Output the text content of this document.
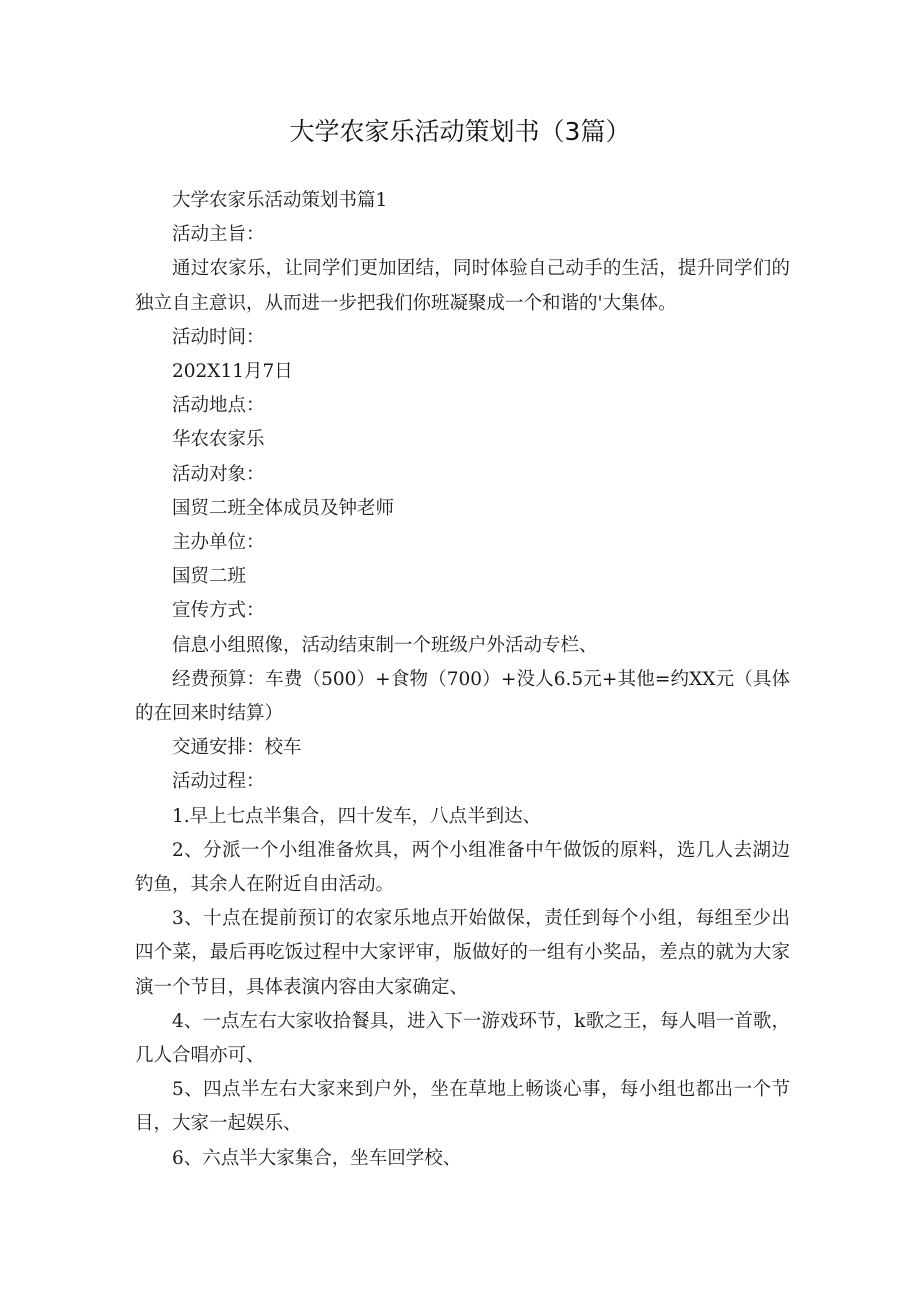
大学农家乐活动策划书（3篇）

大学农家乐活动策划书篇1

活动主旨：

通过农家乐，让同学们更加团结，同时体验自己动手的生活，提升同学们的独立自主意识，从而进一步把我们你班凝聚成一个和谐的'大集体。

活动时间：

202X11月7日

活动地点：

华农农家乐

活动对象：

国贸二班全体成员及钟老师

主办单位：

国贸二班

宣传方式：

信息小组照像，活动结束制一个班级户外活动专栏、

经费预算：车费（500）+食物（700）+没人6.5元+其他=约XX元（具体的在回来时结算）

交通安排：校车

活动过程：

1.早上七点半集合，四十发车，八点半到达、

2、分派一个小组准备炊具，两个小组准备中午做饭的原料，选几人去湖边钓鱼，其余人在附近自由活动。

3、十点在提前预订的农家乐地点开始做保，责任到每个小组，每组至少出四个菜，最后再吃饭过程中大家评审，版做好的一组有小奖品，差点的就为大家演一个节目，具体表演内容由大家确定、

4、一点左右大家收拾餐具，进入下一游戏环节，k歌之王，每人唱一首歌，几人合唱亦可、

5、四点半左右大家来到户外，坐在草地上畅谈心事，每小组也都出一个节目，大家一起娱乐、

6、六点半大家集合，坐车回学校、
